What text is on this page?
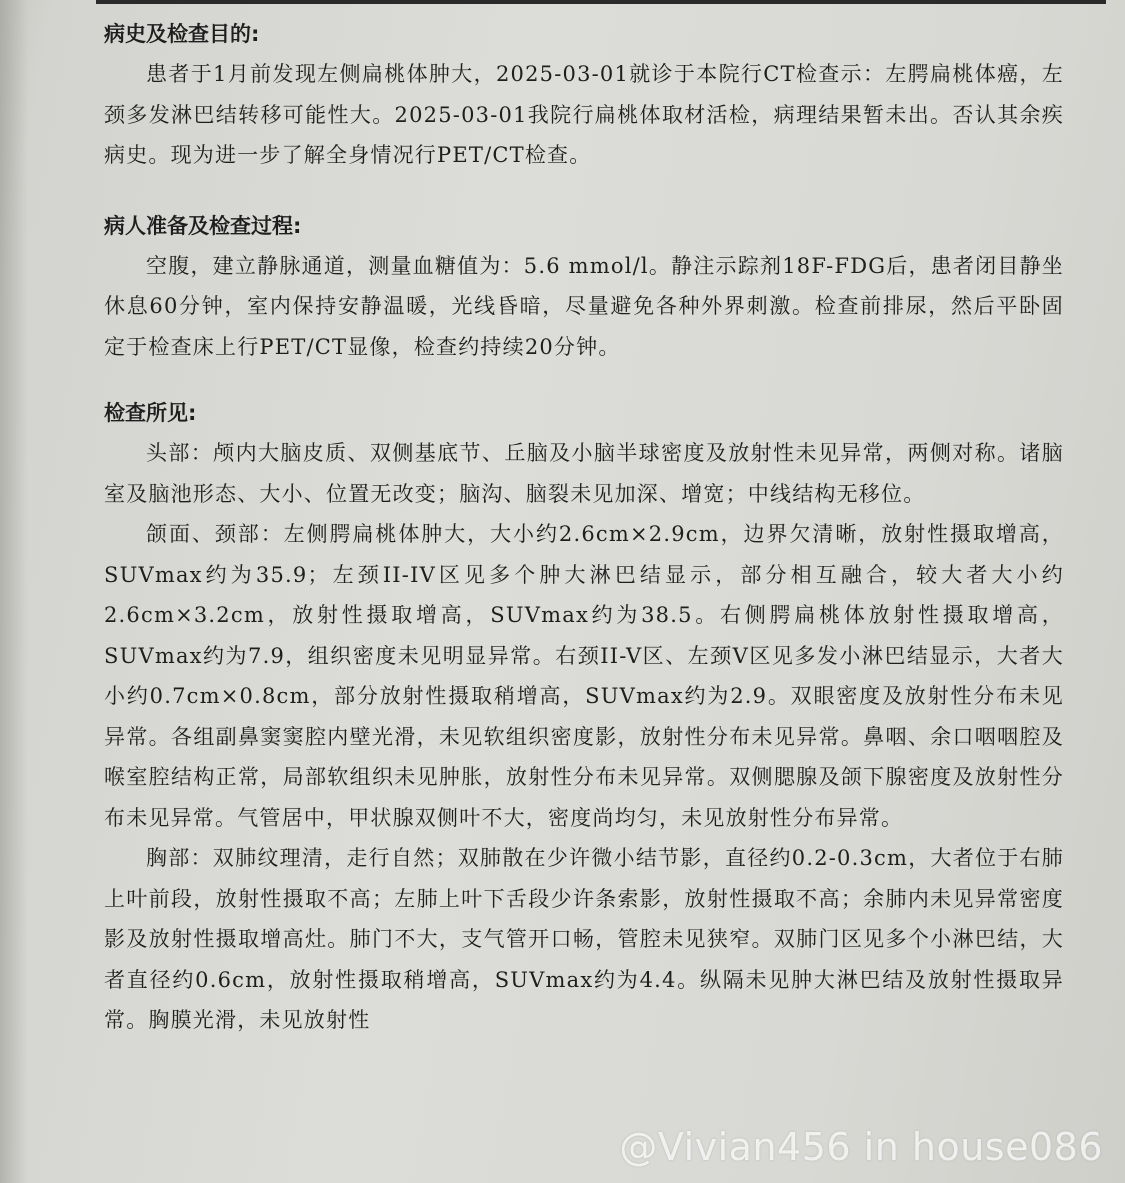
病史及检查目的:

患者于1月前发现左侧扁桃体肿大，2025-03-01就诊于本院行CT检查示：左腭扁桃体癌，左颈多发淋巴结转移可能性大。2025-03-01我院行扁桃体取材活检，病理结果暂未出。否认其余疾病史。现为进一步了解全身情况行PET/CT检查。

病人准备及检查过程:

空腹，建立静脉通道，测量血糖值为：5.6 mmol/l。静注示踪剂18F-FDG后，患者闭目静坐休息60分钟，室内保持安静温暖，光线昏暗，尽量避免各种外界刺激。检查前排尿，然后平卧固定于检查床上行PET/CT显像，检查约持续20分钟。

检查所见:

头部：颅内大脑皮质、双侧基底节、丘脑及小脑半球密度及放射性未见异常，两侧对称。诸脑室及脑池形态、大小、位置无改变；脑沟、脑裂未见加深、增宽；中线结构无移位。

颌面、颈部：左侧腭扁桃体肿大，大小约2.6cm×2.9cm，边界欠清晰，放射性摄取增高，SUVmax约为35.9；左颈II-IV区见多个肿大淋巴结显示，部分相互融合，较大者大小约2.6cm×3.2cm，放射性摄取增高，SUVmax约为38.5。右侧腭扁桃体放射性摄取增高，SUVmax约为7.9，组织密度未见明显异常。右颈II-V区、左颈V区见多发小淋巴结显示，大者大小约0.7cm×0.8cm，部分放射性摄取稍增高，SUVmax约为2.9。双眼密度及放射性分布未见异常。各组副鼻窦窦腔内壁光滑，未见软组织密度影，放射性分布未见异常。鼻咽、余口咽咽腔及喉室腔结构正常，局部软组织未见肿胀，放射性分布未见异常。双侧腮腺及颌下腺密度及放射性分布未见异常。气管居中，甲状腺双侧叶不大，密度尚均匀，未见放射性分布异常。

胸部：双肺纹理清，走行自然；双肺散在少许微小结节影，直径约0.2-0.3cm，大者位于右肺上叶前段，放射性摄取不高；左肺上叶下舌段少许条索影，放射性摄取不高；余肺内未见异常密度影及放射性摄取增高灶。肺门不大，支气管开口畅，管腔未见狭窄。双肺门区见多个小淋巴结，大者直径约0.6cm，放射性摄取稍增高，SUVmax约为4.4。纵隔未见肿大淋巴结及放射性摄取异常。胸膜光滑，未见放射性

@Vivian456 in house086
